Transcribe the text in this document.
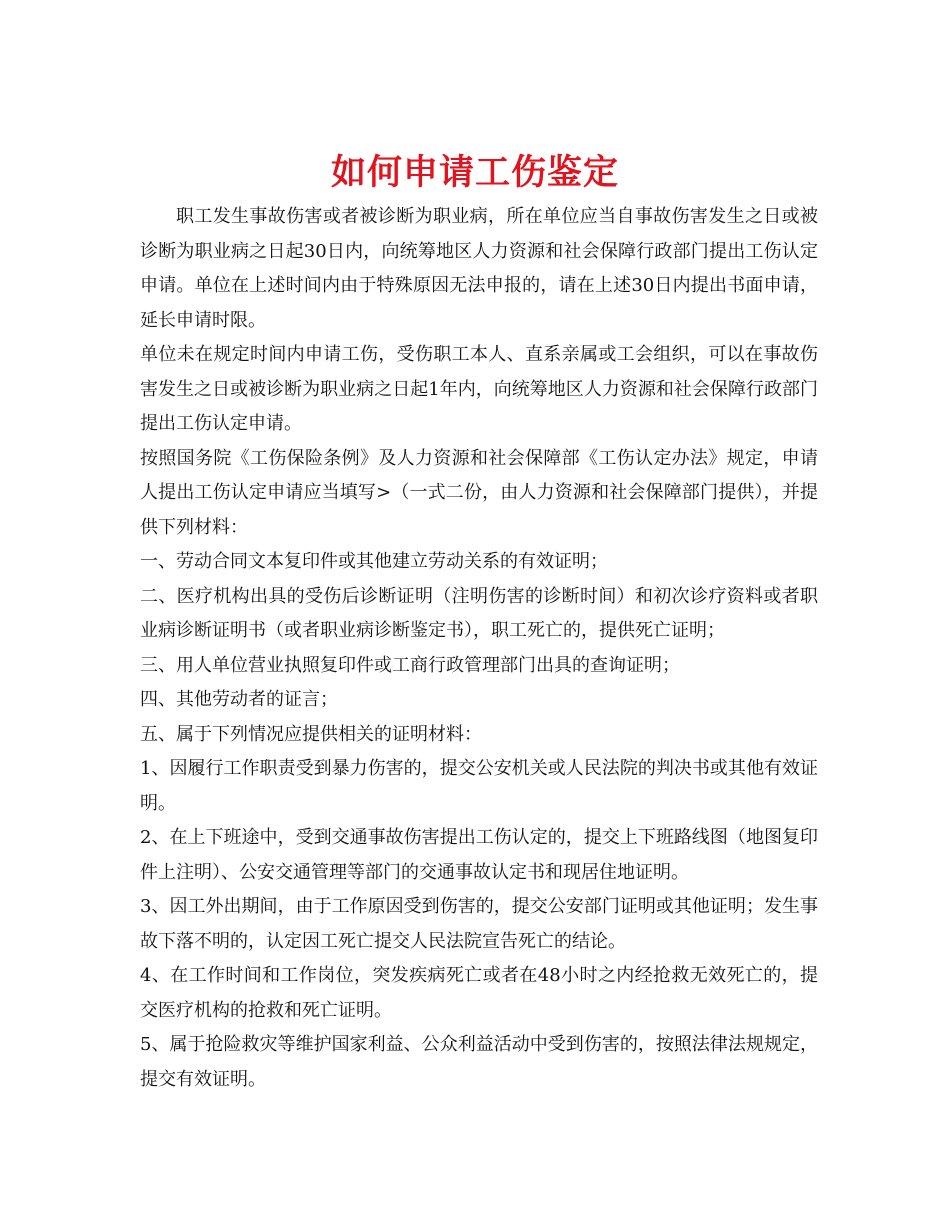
如何申请工伤鉴定

职工发生事故伤害或者被诊断为职业病，所在单位应当自事故伤害发生之日或被诊断为职业病之日起30日内，向统筹地区人力资源和社会保障行政部门提出工伤认定申请。单位在上述时间内由于特殊原因无法申报的，请在上述30日内提出书面申请，延长申请时限。

单位未在规定时间内申请工伤，受伤职工本人、直系亲属或工会组织，可以在事故伤害发生之日或被诊断为职业病之日起1年内，向统筹地区人力资源和社会保障行政部门提出工伤认定申请。

按照国务院《工伤保险条例》及人力资源和社会保障部《工伤认定办法》规定，申请人提出工伤认定申请应当填写>（一式二份，由人力资源和社会保障部门提供），并提供下列材料：

一、劳动合同文本复印件或其他建立劳动关系的有效证明；

二、医疗机构出具的受伤后诊断证明（注明伤害的诊断时间）和初次诊疗资料或者职业病诊断证明书（或者职业病诊断鉴定书），职工死亡的，提供死亡证明；

三、用人单位营业执照复印件或工商行政管理部门出具的查询证明；

四、其他劳动者的证言；

五、属于下列情况应提供相关的证明材料：

1、因履行工作职责受到暴力伤害的，提交公安机关或人民法院的判决书或其他有效证明。

2、在上下班途中，受到交通事故伤害提出工伤认定的，提交上下班路线图（地图复印件上注明）、公安交通管理等部门的交通事故认定书和现居住地证明。

3、因工外出期间，由于工作原因受到伤害的，提交公安部门证明或其他证明；发生事故下落不明的，认定因工死亡提交人民法院宣告死亡的结论。

4、在工作时间和工作岗位，突发疾病死亡或者在48小时之内经抢救无效死亡的，提交医疗机构的抢救和死亡证明。

5、属于抢险救灾等维护国家利益、公众利益活动中受到伤害的，按照法律法规规定，提交有效证明。
